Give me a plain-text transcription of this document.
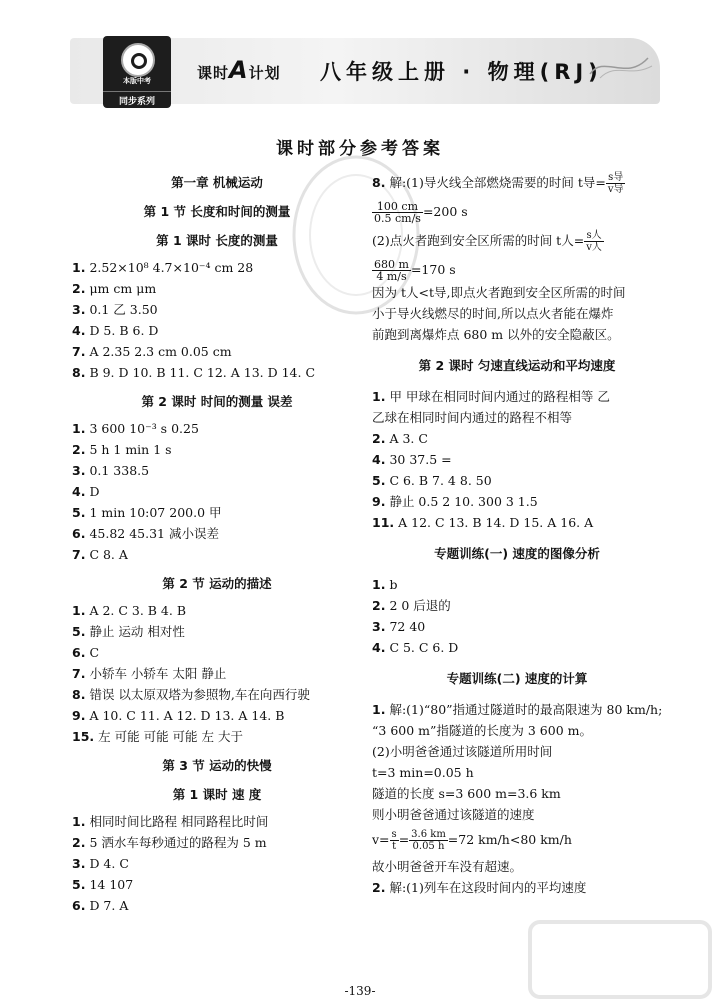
本版中考
同步系列
课时A计划 八年级上册 · 物理(RJ)
课时部分参考答案
第一章 机械运动
第 1 节 长度和时间的测量
第 1 课时 长度的测量
1. 2.52×10⁸ 4.7×10⁻⁴ cm 28
2. μm cm μm
3. 0.1 乙 3.50
4. D 5. B 6. D
7. A 2.35 2.3 cm 0.05 cm
8. B 9. D 10. B 11. C 12. A 13. D 14. C
第 2 课时 时间的测量 误差
1. 3 600 10⁻³ s 0.25
2. 5 h 1 min 1 s
3. 0.1 338.5
4. D
5. 1 min 10:07 200.0 甲
6. 45.82 45.31 减小误差
7. C 8. A
第 2 节 运动的描述
1. A 2. C 3. B 4. B
5. 静止 运动 相对性
6. C
7. 小轿车 小轿车 太阳 静止
8. 错误 以太原双塔为参照物,车在向西行驶
9. A 10. C 11. A 12. D 13. A 14. B
15. 左 可能 可能 可能 左 大于
第 3 节 运动的快慢
第 1 课时 速 度
1. 相同时间比路程 相同路程比时间
2. 5 洒水车每秒通过的路程为 5 m
3. D 4. C
5. 14 107
6. D 7. A
8. 解:(1)导火线全部燃烧需要的时间 t导= $\frac{\text{s导}}{\text{v导}}$
$\frac{100 cm}{0.5 cm/s} =200$ s
(2)点火者跑到安全区所需的时间 t人= $\frac{\text{s人}}{\text{v人}}$
$\frac{680 m}{4 m/s} =170$ s
因为 t人<t导,即点火者跑到安全区所需的时间
小于导火线燃尽的时间,所以点火者能在爆炸
前跑到离爆炸点 680 m 以外的安全隐蔽区。
第 2 课时 匀速直线运动和平均速度
1. 甲 甲球在相同时间内通过的路程相等 乙
乙球在相同时间内通过的路程不相等
2. A 3. C
4. 30 37.5 =
5. C 6. B 7. 4 8. 50
9. 静止 0.5 2 10. 300 3 1.5
11. A 12. C 13. B 14. D 15. A 16. A
专题训练(一) 速度的图像分析
1. b
2. 2 0 后退的
3. 72 40
4. C 5. C 6. D
专题训练(二) 速度的计算
1. 解:(1)“80”指通过隧道时的最高限速为 80 km/h;
“3 600 m”指隧道的长度为 3 600 m。
(2)小明爸爸通过该隧道所用时间
t=3 min=0.05 h
隧道的长度 s=3 600 m=3.6 km
则小明爸爸通过该隧道的速度
$v= \frac{s}{t} = \frac{3.6 km}{0.05 h} =72$ km/h<80 km/h
故小明爸爸开车没有超速。
2. 解:(1)列车在这段时间内的平均速度
-139-
